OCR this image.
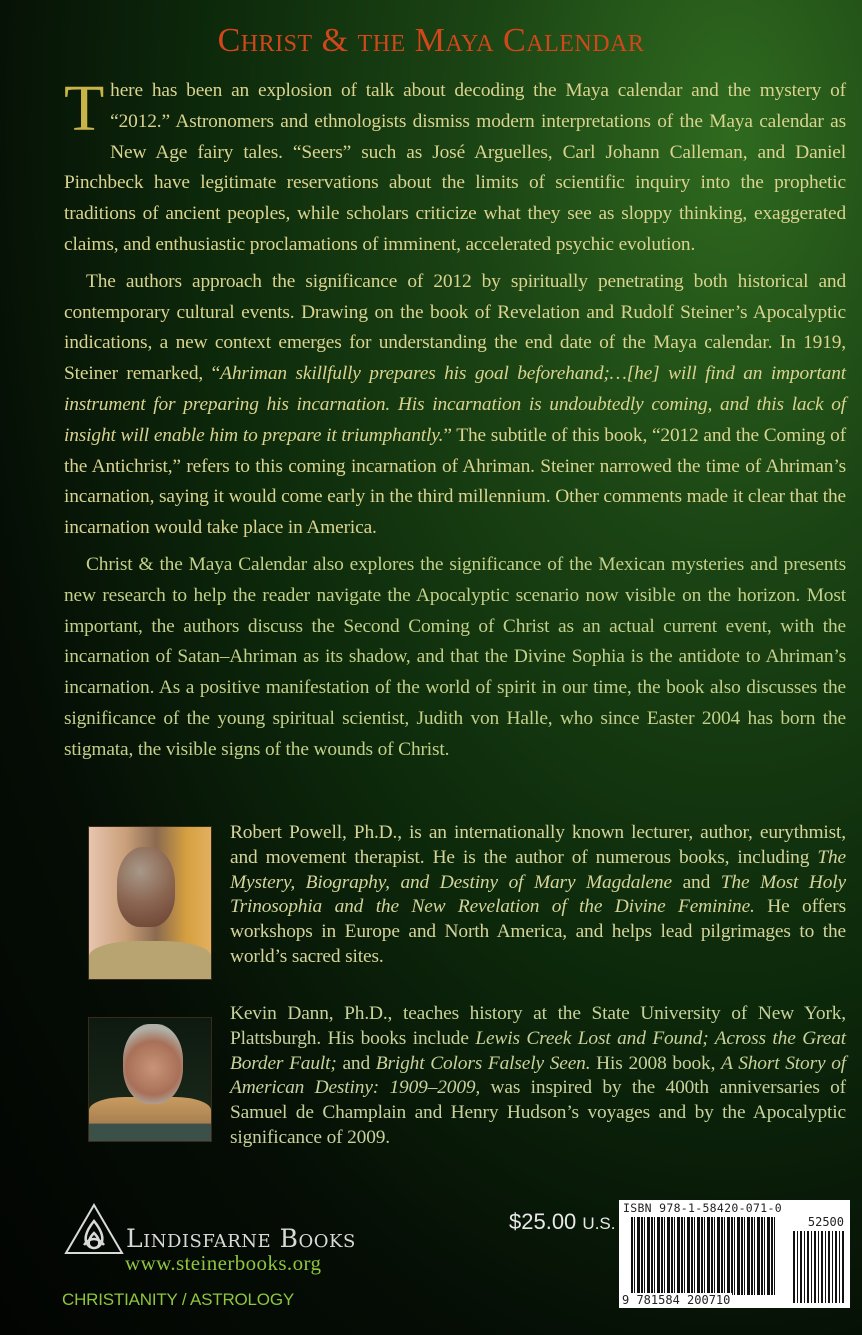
Christ & the Maya Calendar

There has been an explosion of talk about decoding the Maya calendar and the mystery of “2012.” Astronomers and ethnologists dismiss modern interpretations of the Maya calendar as New Age fairy tales. “Seers” such as José Arguelles, Carl Johann Calleman, and Daniel Pinchbeck have legitimate reservations about the limits of scientific inquiry into the prophetic traditions of ancient peoples, while scholars criticize what they see as sloppy thinking, exaggerated claims, and enthusiastic proclamations of imminent, accelerated psychic evolution.

The authors approach the significance of 2012 by spiritually penetrating both historical and contemporary cultural events. Drawing on the book of Revelation and Rudolf Steiner’s Apocalyptic indications, a new context emerges for understanding the end date of the Maya calendar. In 1919, Steiner remarked, “Ahriman skillfully prepares his goal beforehand;…[he] will find an important instrument for preparing his incarnation. His incarnation is undoubtedly coming, and this lack of insight will enable him to prepare it triumphantly.” The subtitle of this book, “2012 and the Coming of the Antichrist,” refers to this coming incarnation of Ahriman. Steiner narrowed the time of Ahriman’s incarnation, saying it would come early in the third millennium. Other comments made it clear that the incarnation would take place in America.

Christ & the Maya Calendar also explores the significance of the Mexican mysteries and presents new research to help the reader navigate the Apocalyptic scenario now visible on the horizon. Most important, the authors discuss the Second Coming of Christ as an actual current event, with the incarnation of Satan–Ahriman as its shadow, and that the Divine Sophia is the antidote to Ahriman’s incarnation. As a positive manifestation of the world of spirit in our time, the book also discusses the significance of the young spiritual scientist, Judith von Halle, who since Easter 2004 has born the stigmata, the visible signs of the wounds of Christ.

Robert Powell, Ph.D., is an internationally known lecturer, author, eurythmist, and movement therapist. He is the author of numerous books, including The Mystery, Biography, and Destiny of Mary Magdalene and The Most Holy Trinosophia and the New Revelation of the Divine Feminine. He offers workshops in Europe and North America, and helps lead pilgrimages to the world’s sacred sites.
Kevin Dann, Ph.D., teaches history at the State University of New York, Plattsburgh. His books include Lewis Creek Lost and Found; Across the Great Border Fault; and Bright Colors Falsely Seen. His 2008 book, A Short Story of American Destiny: 1909–2009, was inspired by the 400th anniversaries of Samuel de Champlain and Henry Hudson’s voyages and by the Apocalyptic significance of 2009.
$25.00 U.S.
ISBN 978-1-58420-071-0
52500
9 781584 200710
Lindisfarne Books
www.steinerbooks.org
CHRISTIANITY / ASTROLOGY
